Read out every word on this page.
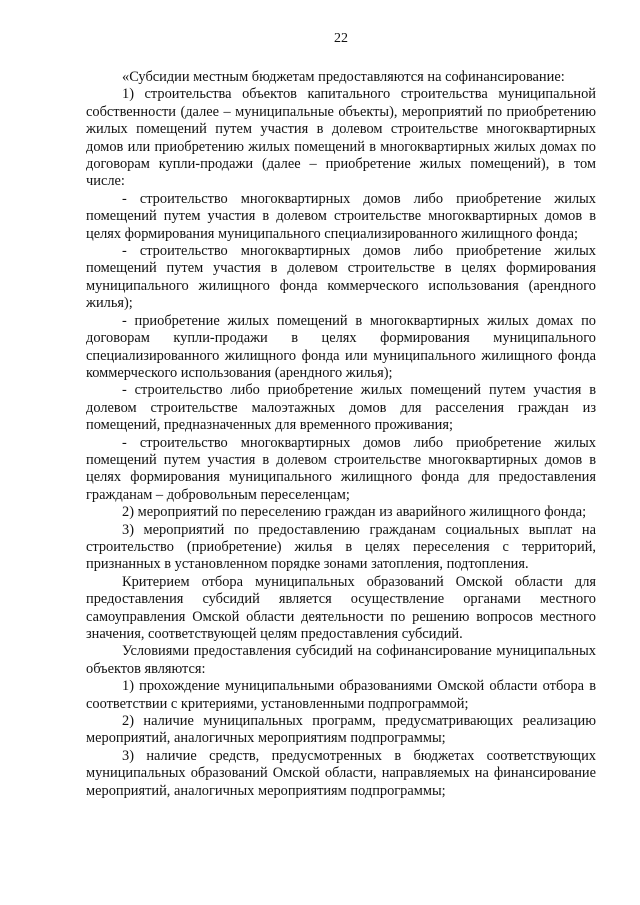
22

«Субсидии местным бюджетам предоставляются на софинансирование:

1) строительства объектов капитального строительства муниципальной собственности (далее – муниципальные объекты), мероприятий по приобретению жилых помещений путем участия в долевом строительстве многоквартирных домов или приобретению жилых помещений в многоквартирных жилых домах по договорам купли-продажи (далее – приобретение жилых помещений), в том числе:

- строительство многоквартирных домов либо приобретение жилых помещений путем участия в долевом строительстве многоквартирных домов в целях формирования муниципального специализированного жилищного фонда;

- строительство многоквартирных домов либо приобретение жилых помещений путем участия в долевом строительстве в целях формирования муниципального жилищного фонда коммерческого использования (арендного жилья);

- приобретение жилых помещений в многоквартирных жилых домах по договорам купли-продажи в целях формирования муниципального специализированного жилищного фонда или муниципального жилищного фонда коммерческого использования (арендного жилья);

- строительство либо приобретение жилых помещений путем участия в долевом строительстве малоэтажных домов для расселения граждан из помещений, предназначенных для временного проживания;

- строительство многоквартирных домов либо приобретение жилых помещений путем участия в долевом строительстве многоквартирных домов в целях формирования муниципального жилищного фонда для предоставления гражданам – добровольным переселенцам;

2) мероприятий по переселению граждан из аварийного жилищного фонда;

3) мероприятий по предоставлению гражданам социальных выплат на строительство (приобретение) жилья в целях переселения с территорий, признанных в установленном порядке зонами затопления, подтопления.

Критерием отбора муниципальных образований Омской области для предоставления субсидий является осуществление органами местного самоуправления Омской области деятельности по решению вопросов местного значения, соответствующей целям предоставления субсидий.

Условиями предоставления субсидий на софинансирование муниципальных объектов являются:

1) прохождение муниципальными образованиями Омской области отбора в соответствии с критериями, установленными подпрограммой;

2) наличие муниципальных программ, предусматривающих реализацию мероприятий, аналогичных мероприятиям подпрограммы;

3) наличие средств, предусмотренных в бюджетах соответствующих муниципальных образований Омской области, направляемых на финансирование мероприятий, аналогичных мероприятиям подпрограммы;
